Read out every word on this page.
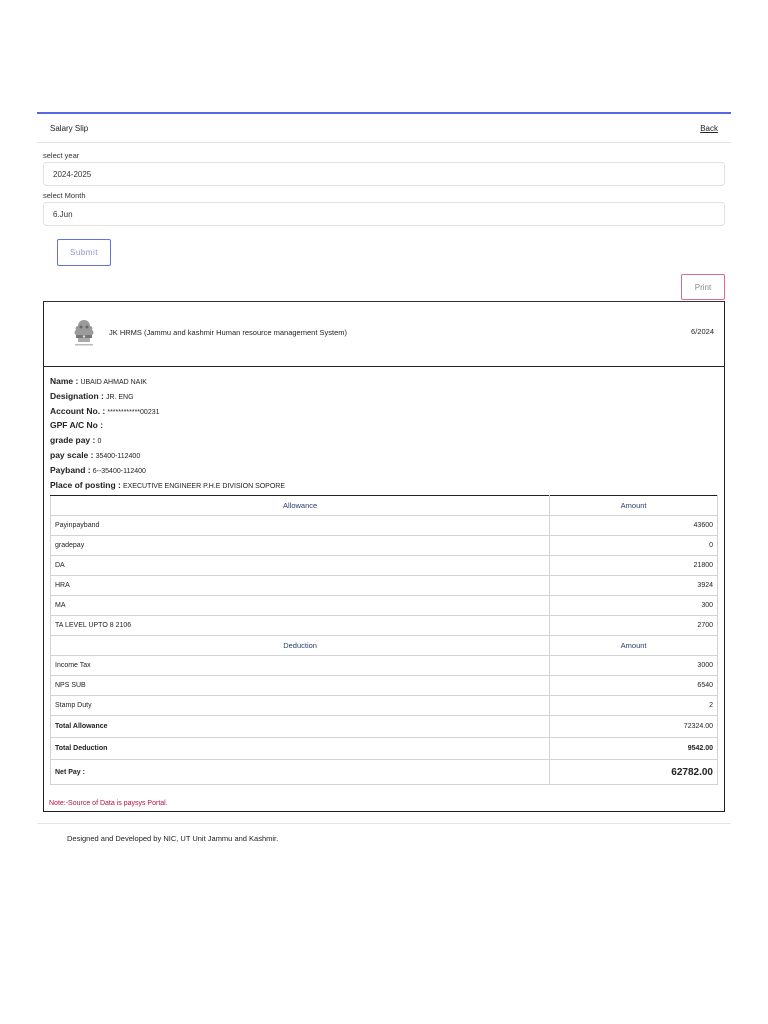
Salary Slip	Back
select year
2024-2025
select Month
6.Jun
Submit
Print
JK HRMS (Jammu and kashmir Human resource management System)	6/2024
Name : UBAID AHMAD NAIK
Designation : JR. ENG
Account No. : ************00231
GPF A/C No :
grade pay : 0
pay scale : 35400-112400
Payband : 6--35400-112400
Place of posting : EXECUTIVE ENGINEER P.H.E DIVISION SOPORE
Allowance	Amount
Payinpayband	43600
gradepay	0
DA	21800
HRA	3924
MA	300
TA LEVEL UPTO 8 2106	2700
Deduction	Amount
Income Tax	3000
NPS SUB	6540
Stamp Duty	2
Total Allowance	72324.00
Total Deduction	9542.00
Net Pay :	62782.00
Note:-Source of Data is paysys Portal.
Designed and Developed by NIC, UT Unit Jammu and Kashmir.
